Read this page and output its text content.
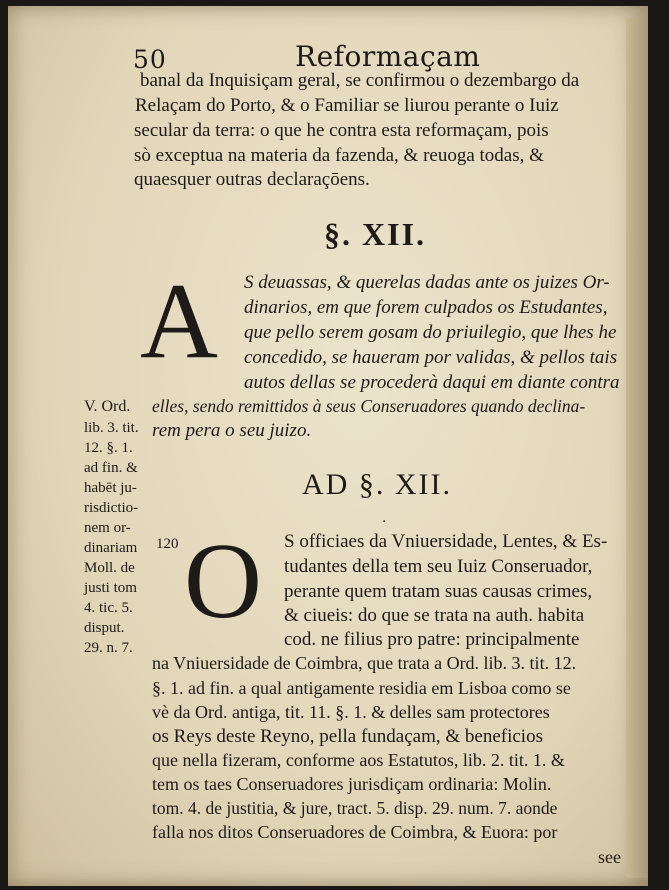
50	Reformaçam
banal da Inquisiçam geral, se confirmou o dezembargo da
Relaçam do Porto, & o Familiar se liurou perante o Iuiz
secular da terra: o que he contra esta reformaçam, pois
sò exceptua na materia da fazenda, & reuoga todas, &
quaesquer outras declaraçōens.
§. XII.
A S deuassas, & querelas dadas ante os juizes Or-
dinarios, em que forem culpados os Estudantes,
que pello serem gosam do priuilegio, que lhes he
concedido, se haueram por validas, & pellos tais
autos dellas se procederà daqui em diante contra
elles, sendo remittidos à seus Conseruadores quando declina-
rem pera o seu juizo.
V. Ord.
lib. 3. tit.
12. §. 1.
ad fin. &
habēt ju-
risdictio-
nem or-
dinariam
Moll. de
justi tom
4. tic. 5.
disput.
29. n. 7.
AD §. XII.
·
120 O S officiaes da Vniuersidade, Lentes, & Es-
tudantes della tem seu Iuiz Conseruador,
perante quem tratam suas causas crimes,
& ciueis: do que se trata na auth. habita
cod. ne filius pro patre: principalmente
na Vniuersidade de Coimbra, que trata a Ord. lib. 3. tit. 12.
§. 1. ad fin. a qual antigamente residia em Lisboa como se
vè da Ord. antiga, tit. 11. §. 1. & delles sam protectores
os Reys deste Reyno, pella fundaçam, & beneficios
que nella fizeram, conforme aos Estatutos, lib. 2. tit. 1. &
tem os taes Conseruadores jurisdiçam ordinaria: Molin.
tom. 4. de justitia, & jure, tract. 5. disp. 29. num. 7. aonde
falla nos ditos Conseruadores de Coimbra, & Euora: por
see
